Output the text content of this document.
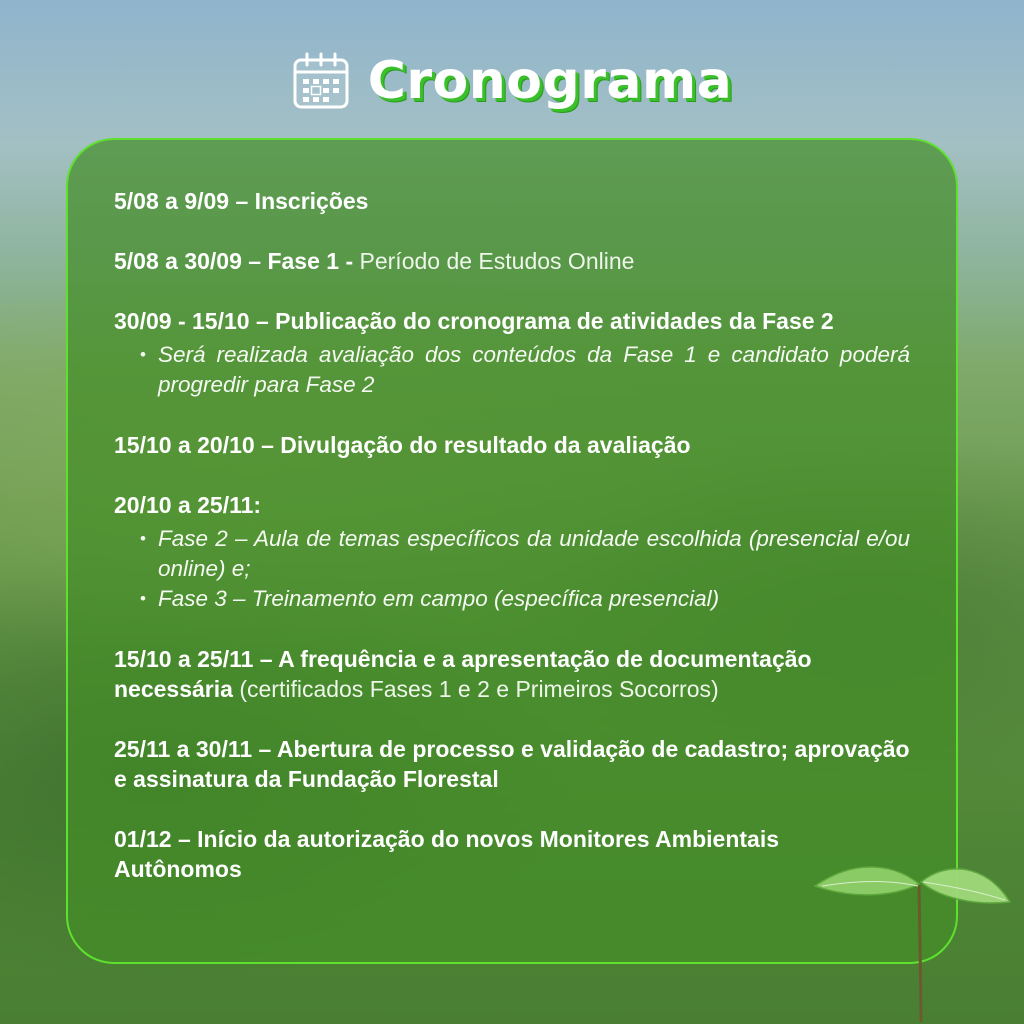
Cronograma
5/08 a 9/09 – Inscrições
5/08 a 30/09 – Fase 1 - Período de Estudos Online
30/09 - 15/10 – Publicação do cronograma de atividades da Fase 2
• Será realizada avaliação dos conteúdos da Fase 1 e candidato poderá progredir para Fase 2
15/10 a 20/10 – Divulgação do resultado da avaliação
20/10 a 25/11:
• Fase 2 – Aula de temas específicos da unidade escolhida (presencial e/ou online) e;
• Fase 3 – Treinamento em campo (específica presencial)
15/10 a 25/11 – A frequência e a apresentação de documentação necessária (certificados Fases 1 e 2 e Primeiros Socorros)
25/11 a 30/11 – Abertura de processo e validação de cadastro; aprovação e assinatura da Fundação Florestal
01/12 – Início da autorização do novos Monitores Ambientais Autônomos
